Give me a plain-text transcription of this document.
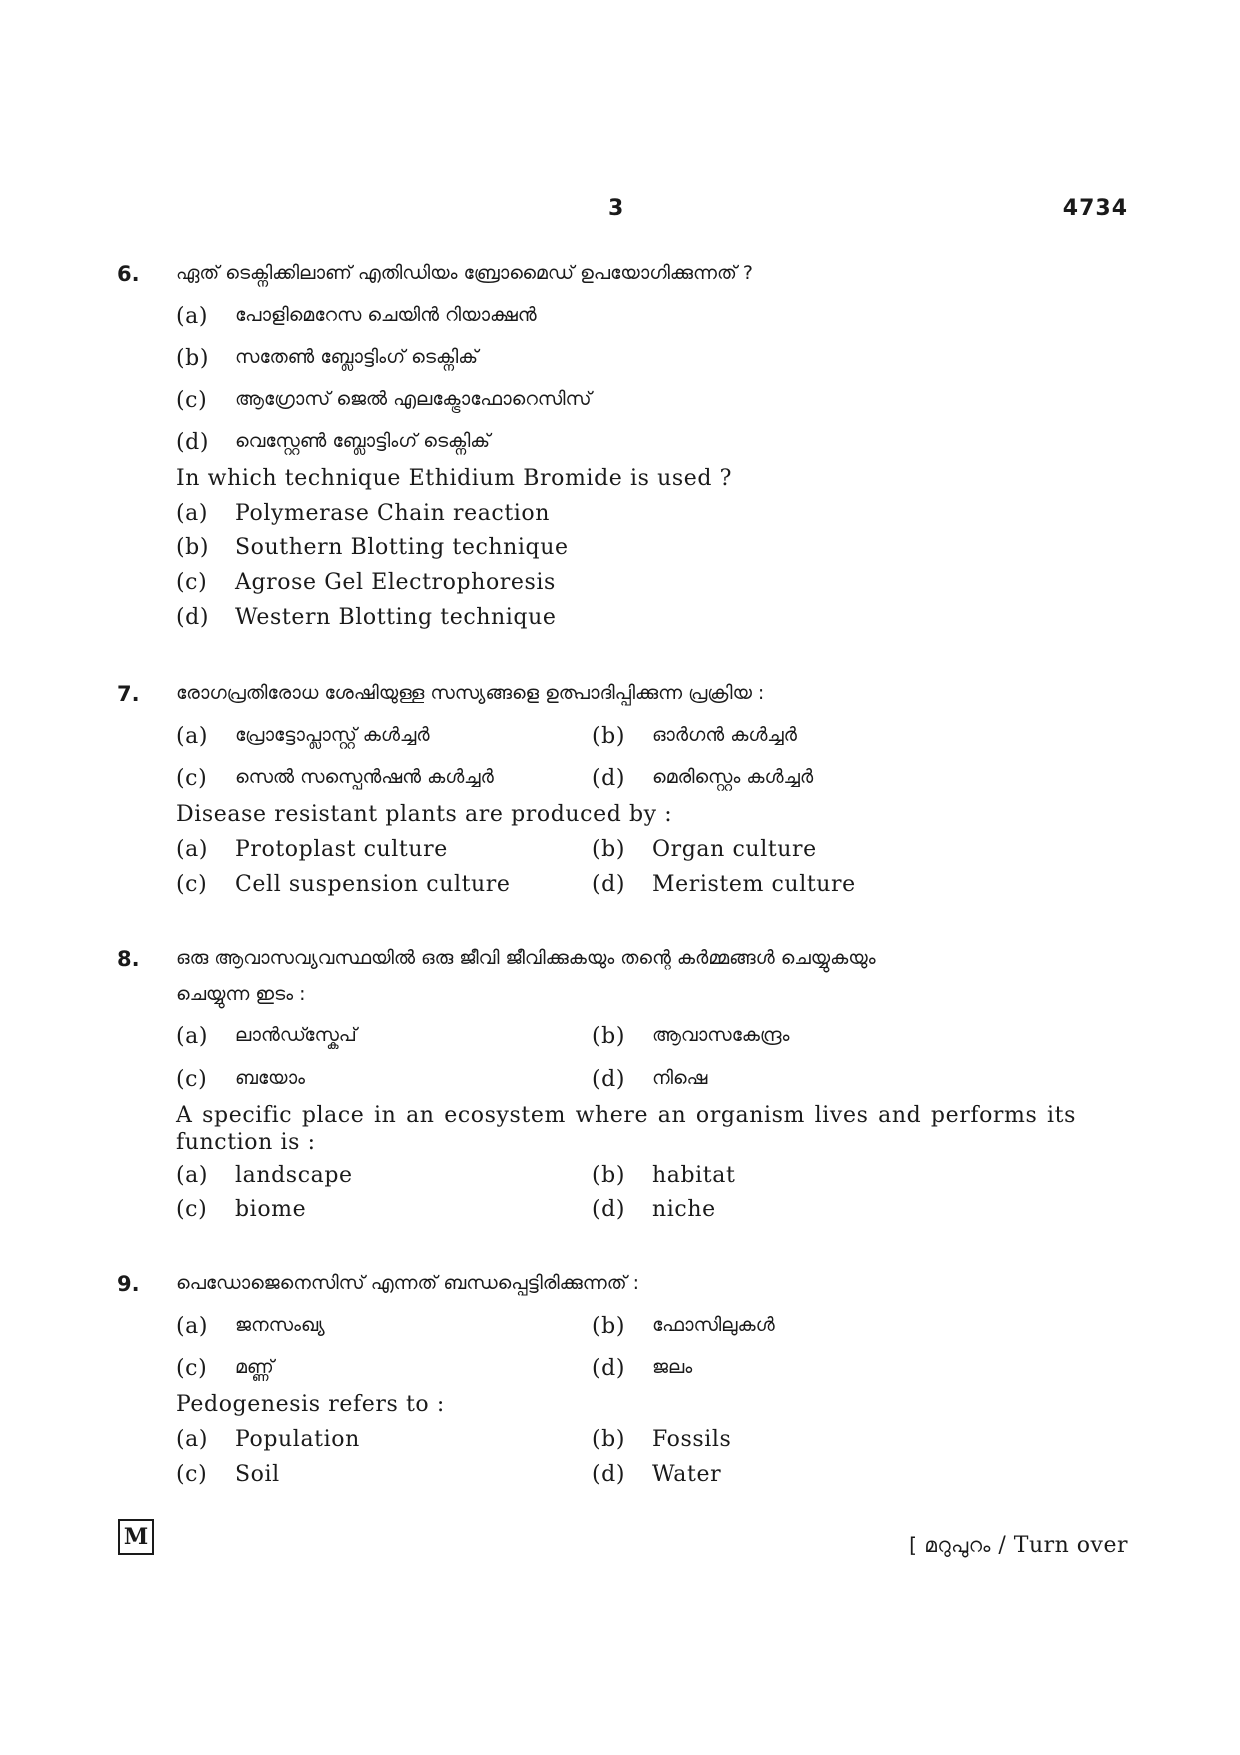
3	4734
6. ഏത് ടെക്നിക്കിലാണ് എതിഡിയം ബ്രോമൈഡ് ഉപയോഗിക്കുന്നത് ?
(a) പോളിമെറേസ ചെയിൻ റിയാക്ഷൻ
(b) സതേൺ ബ്ലോട്ടിംഗ് ടെക്നിക്
(c) ആഗ്രോസ് ജെൽ എലക്ട്രോഫോറെസിസ്
(d) വെസ്റ്റേൺ ബ്ലോട്ടിംഗ് ടെക്നിക്
In which technique Ethidium Bromide is used ?
(a) Polymerase Chain reaction
(b) Southern Blotting technique
(c) Agrose Gel Electrophoresis
(d) Western Blotting technique
7. രോഗപ്രതിരോധ ശേഷിയുള്ള സസ്യങ്ങളെ ഉത്പാദിപ്പിക്കുന്ന പ്രക്രിയ :
(a) പ്രോട്ടോപ്ലാസ്റ്റ് കൾച്ചർ	(b) ഓർഗൻ കൾച്ചർ
(c) സെൽ സസ്പെൻഷൻ കൾച്ചർ	(d) മെരിസ്റ്റെം കൾച്ചർ
Disease resistant plants are produced by :
(a) Protoplast culture	(b) Organ culture
(c) Cell suspension culture	(d) Meristem culture
8. ഒരു ആവാസവ്യവസ്ഥയിൽ ഒരു ജീവി ജീവിക്കുകയും തന്റെ കർമ്മങ്ങൾ ചെയ്യുകയും
ചെയ്യുന്ന ഇടം :
(a) ലാൻഡ്സ്കേപ്	(b) ആവാസകേന്ദ്രം
(c) ബയോം	(d) നിഷെ
A specific place in an ecosystem where an organism lives and performs its function is :
(a) landscape	(b) habitat
(c) biome	(d) niche
9. പെഡോജെനെസിസ് എന്നത് ബന്ധപ്പെട്ടിരിക്കുന്നത് :
(a) ജനസംഖ്യ	(b) ഫോസിലുകൾ
(c) മണ്ണ്	(d) ജലം
Pedogenesis refers to :
(a) Population	(b) Fossils
(c) Soil	(d) Water
M	[ മറുപുറം / Turn over
